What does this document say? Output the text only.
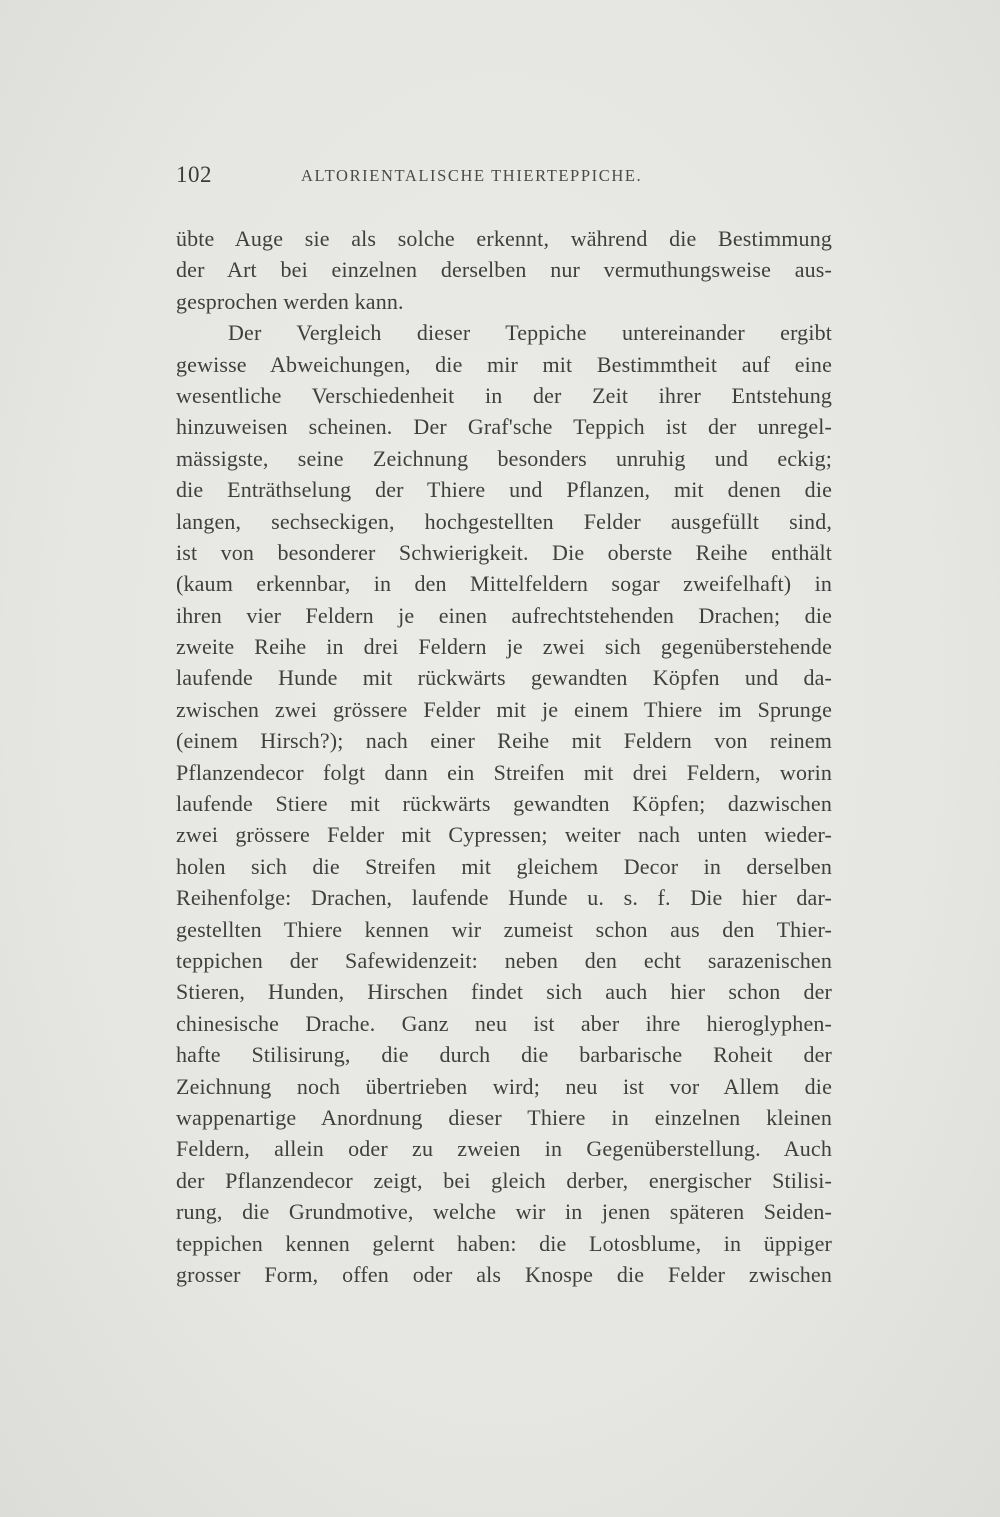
102	ALTORIENTALISCHE THIERTEPPICHE.
übte Auge sie als solche erkennt, während die Bestimmung
der Art bei einzelnen derselben nur vermuthungsweise aus-
gesprochen werden kann.
Der Vergleich dieser Teppiche untereinander ergibt
gewisse Abweichungen, die mir mit Bestimmtheit auf eine
wesentliche Verschiedenheit in der Zeit ihrer Entstehung
hinzuweisen scheinen. Der Graf'sche Teppich ist der unregel-
mässigste, seine Zeichnung besonders unruhig und eckig;
die Enträthselung der Thiere und Pflanzen, mit denen die
langen, sechseckigen, hochgestellten Felder ausgefüllt sind,
ist von besonderer Schwierigkeit. Die oberste Reihe enthält
(kaum erkennbar, in den Mittelfeldern sogar zweifelhaft) in
ihren vier Feldern je einen aufrechtstehenden Drachen; die
zweite Reihe in drei Feldern je zwei sich gegenüberstehende
laufende Hunde mit rückwärts gewandten Köpfen und da-
zwischen zwei grössere Felder mit je einem Thiere im Sprunge
(einem Hirsch?); nach einer Reihe mit Feldern von reinem
Pflanzendecor folgt dann ein Streifen mit drei Feldern, worin
laufende Stiere mit rückwärts gewandten Köpfen; dazwischen
zwei grössere Felder mit Cypressen; weiter nach unten wieder-
holen sich die Streifen mit gleichem Decor in derselben
Reihenfolge: Drachen, laufende Hunde u. s. f. Die hier dar-
gestellten Thiere kennen wir zumeist schon aus den Thier-
teppichen der Safewidenzeit: neben den echt sarazenischen
Stieren, Hunden, Hirschen findet sich auch hier schon der
chinesische Drache. Ganz neu ist aber ihre hieroglyphen-
hafte Stilisirung, die durch die barbarische Roheit der
Zeichnung noch übertrieben wird; neu ist vor Allem die
wappenartige Anordnung dieser Thiere in einzelnen kleinen
Feldern, allein oder zu zweien in Gegenüberstellung. Auch
der Pflanzendecor zeigt, bei gleich derber, energischer Stilisi-
rung, die Grundmotive, welche wir in jenen späteren Seiden-
teppichen kennen gelernt haben: die Lotosblume, in üppiger
grosser Form, offen oder als Knospe die Felder zwischen
